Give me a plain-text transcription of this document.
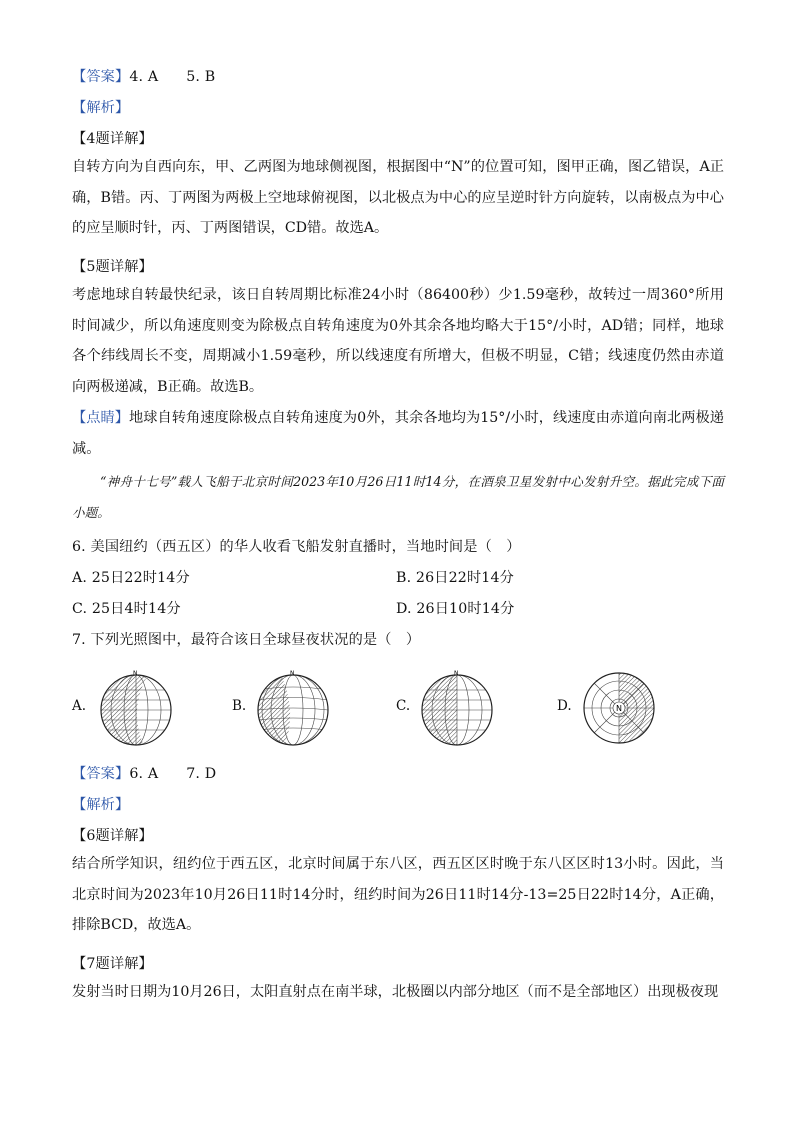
【答案】4. A      5. B
【解析】
【4题详解】
自转方向为自西向东，甲、乙两图为地球侧视图，根据图中“N”的位置可知，图甲正确，图乙错误，A正确，B错。丙、丁两图为两极上空地球俯视图，以北极点为中心的应呈逆时针方向旋转，以南极点为中心的应呈顺时针，丙、丁两图错误，CD错。故选A。
【5题详解】
考虑地球自转最快纪录，该日自转周期比标准24小时（86400秒）少1.59毫秒，故转过一周360°所用时间减少，所以角速度则变为除极点自转角速度为0外其余各地均略大于15°/小时，AD错；同样，地球各个纬线周长不变，周期减小1.59毫秒，所以线速度有所增大，但极不明显，C错；线速度仍然由赤道向两极递减，B正确。故选B。
【点睛】地球自转角速度除极点自转角速度为0外，其余各地均为15°/小时，线速度由赤道向南北两极递减。
“神舟十七号”载人飞船于北京时间2023年10月26日11时14分，在酒泉卫星发射中心发射升空。据此完成下面小题。
6. 美国纽约（西五区）的华人收看飞船发射直播时，当地时间是（　）
A. 25日22时14分	B. 26日22时14分
C. 25日4时14分	D. 26日10时14分
7. 下列光照图中，最符合该日全球昼夜状况的是（　）
A.
N
B.
N
C.
N
D.	N
【答案】6. A      7. D
【解析】
【6题详解】
结合所学知识，纽约位于西五区，北京时间属于东八区，西五区区时晚于东八区区时13小时。因此，当北京时间为2023年10月26日11时14分时，纽约时间为26日11时14分-13=25日22时14分，A正确，排除BCD，故选A。
【7题详解】
发射当时日期为10月26日，太阳直射点在南半球，北极圈以内部分地区（而不是全部地区）出现极夜现
